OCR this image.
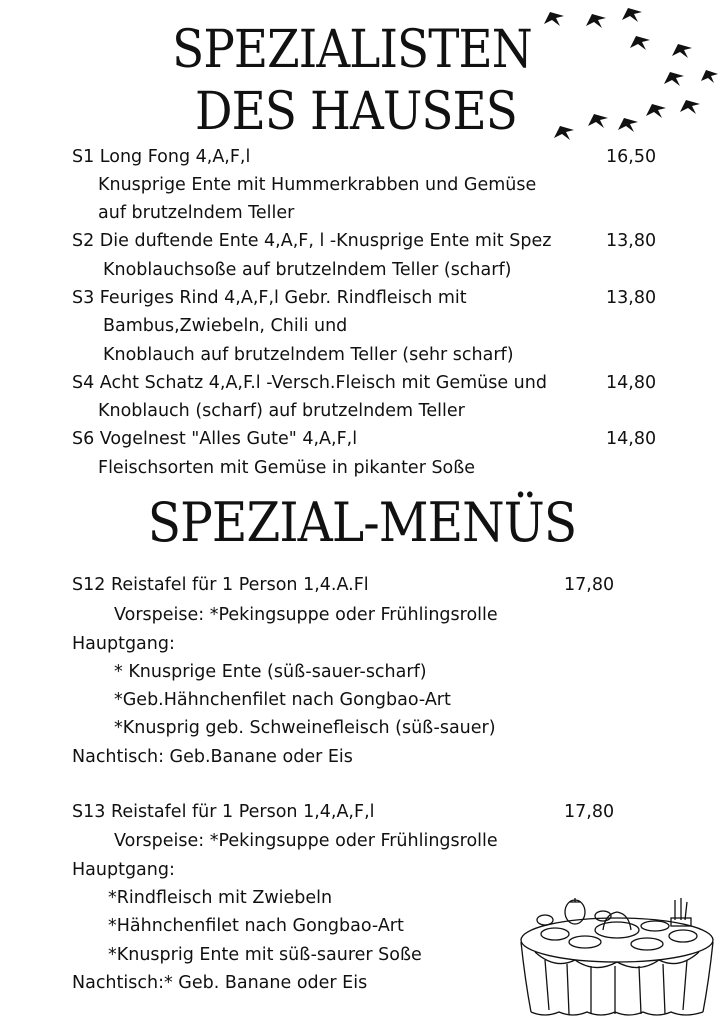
SPEZIALISTEN
DES HAUSES
S1 Long Fong 4,A,F,l	16,50
Knusprige Ente mit Hummerkrabben und Gemüse
auf brutzelndem Teller
S2 Die duftende Ente 4,A,F, l -Knusprige Ente mit Spez	13,80
Knoblauchsoße auf brutzelndem Teller (scharf)
S3 Feuriges Rind 4,A,F,l Gebr. Rindfleisch mit	13,80
Bambus,Zwiebeln, Chili und
Knoblauch auf brutzelndem Teller (sehr scharf)
S4 Acht Schatz 4,A,F.l -Versch.Fleisch mit Gemüse und	14,80
Knoblauch (scharf) auf brutzelndem Teller
S6 Vogelnest "Alles Gute" 4,A,F,l	14,80
Fleischsorten mit Gemüse in pikanter Soße
SPEZIAL-MENÜS
S12 Reistafel für 1 Person 1,4.A.Fl	17,80
Vorspeise: *Pekingsuppe oder Frühlingsrolle
Hauptgang:
* Knusprige Ente (süß-sauer-scharf)
*Geb.Hähnchenfilet nach Gongbao-Art
*Knusprig geb. Schweinefleisch (süß-sauer)
Nachtisch: Geb.Banane oder Eis
S13 Reistafel für 1 Person 1,4,A,F,l	17,80
Vorspeise: *Pekingsuppe oder Frühlingsrolle
Hauptgang:
*Rindfleisch mit Zwiebeln
*Hähnchenfilet nach Gongbao-Art
*Knusprig Ente mit süß-saurer Soße
Nachtisch:* Geb. Banane oder Eis
